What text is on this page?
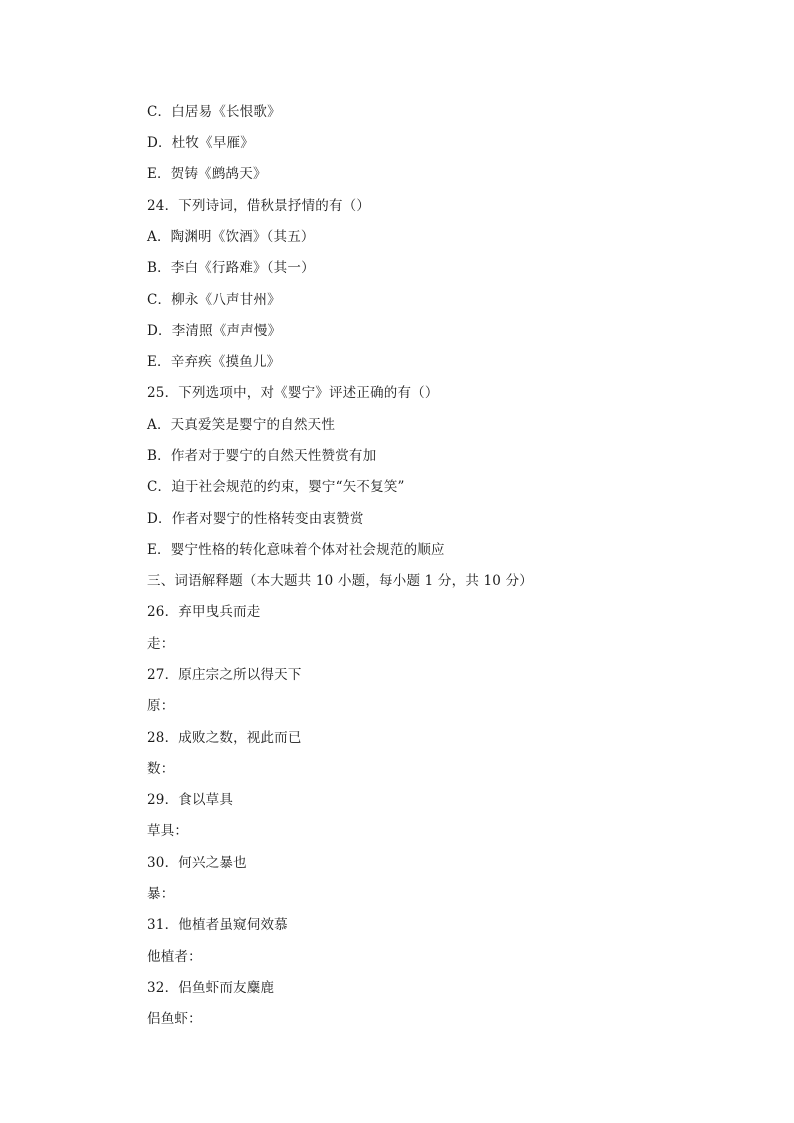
C．白居易《长恨歌》
D．杜牧《早雁》
E．贺铸《鹧鸪天》
24．下列诗词，借秋景抒情的有（）
A．陶渊明《饮酒》（其五）
B．李白《行路难》（其一）
C．柳永《八声甘州》
D．李清照《声声慢》
E．辛弃疾《摸鱼儿》
25．下列选项中，对《婴宁》评述正确的有（）
A．天真爱笑是婴宁的自然天性
B．作者对于婴宁的自然天性赞赏有加
C．迫于社会规范的约束，婴宁“矢不复笑”
D．作者对婴宁的性格转变由衷赞赏
E．婴宁性格的转化意味着个体对社会规范的顺应
三、词语解释题（本大题共 10 小题，每小题 1 分，共 10 分）
26．弃甲曳兵而走
走：
27．原庄宗之所以得天下
原：
28．成败之数，视此而已
数：
29．食以草具
草具：
30．何兴之暴也
暴：
31．他植者虽窥伺效慕
他植者：
32．侣鱼虾而友麋鹿
侣鱼虾：
